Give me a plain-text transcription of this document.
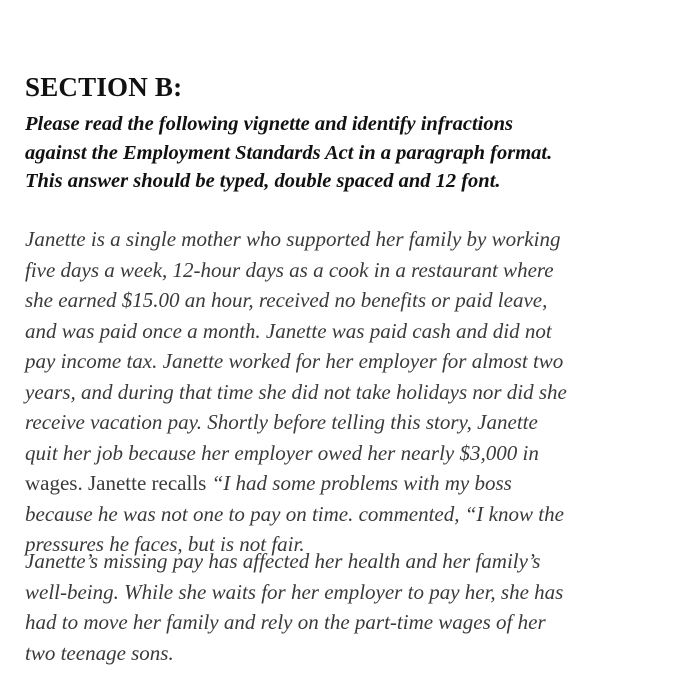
SECTION B:
Please read the following vignette and identify infractions
against the Employment Standards Act in a paragraph format.
This answer should be typed, double spaced and 12 font.
Janette is a single mother who supported her family by working
five days a week, 12-hour days as a cook in a restaurant where
she earned $15.00 an hour, received no benefits or paid leave,
and was paid once a month. Janette was paid cash and did not
pay income tax. Janette worked for her employer for almost two
years, and during that time she did not take holidays nor did she
receive vacation pay. Shortly before telling this story, Janette
quit her job because her employer owed her nearly $3,000 in
wages. Janette recalls “I had some problems with my boss
because he was not one to pay on time. commented, “I know the
pressures he faces, but is not fair.
Janette’s missing pay has affected her health and her family’s
well-being. While she waits for her employer to pay her, she has
had to move her family and rely on the part-time wages of her
two teenage sons.
